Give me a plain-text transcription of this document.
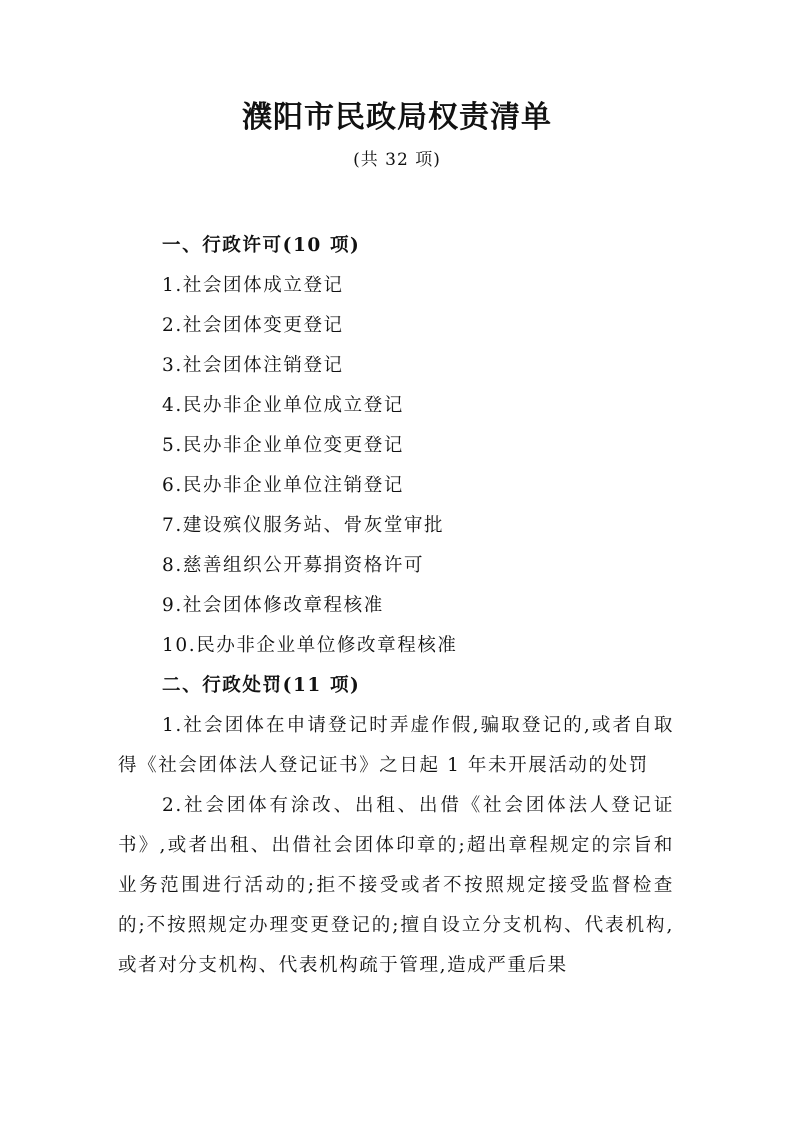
濮阳市民政局权责清单
(共 32 项)
一、行政许可(10 项)
1.社会团体成立登记
2.社会团体变更登记
3.社会团体注销登记
4.民办非企业单位成立登记
5.民办非企业单位变更登记
6.民办非企业单位注销登记
7.建设殡仪服务站、骨灰堂审批
8.慈善组织公开募捐资格许可
9.社会团体修改章程核准
10.民办非企业单位修改章程核准
二、行政处罚(11 项)
1.社会团体在申请登记时弄虚作假,骗取登记的,或者自取得《社会团体法人登记证书》之日起 1 年未开展活动的处罚
2.社会团体有涂改、出租、出借《社会团体法人登记证书》,或者出租、出借社会团体印章的;超出章程规定的宗旨和业务范围进行活动的;拒不接受或者不按照规定接受监督检查的;不按照规定办理变更登记的;擅自设立分支机构、代表机构,或者对分支机构、代表机构疏于管理,造成严重后果
